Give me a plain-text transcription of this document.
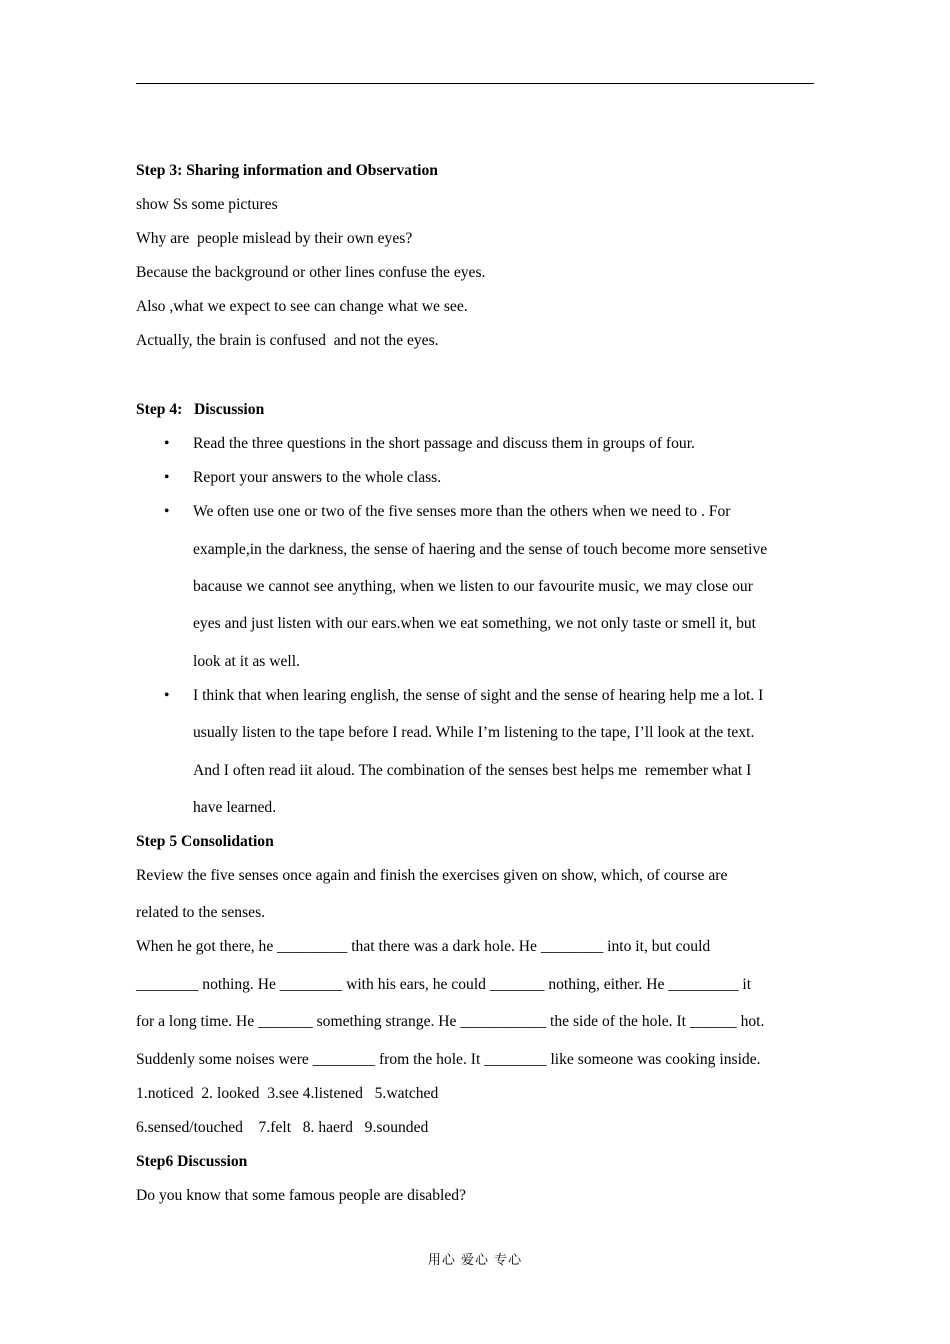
Step 3: Sharing information and Observation
show Ss some pictures
Why are  people mislead by their own eyes?
Because the background or other lines confuse the eyes.
Also ,what we expect to see can change what we see.
Actually, the brain is confused  and not the eyes.
Step 4:   Discussion
• Read the three questions in the short passage and discuss them in groups of four.
• Report your answers to the whole class.
• We often use one or two of the five senses more than the others when we need to . For
example,in the darkness, the sense of haering and the sense of touch become more sensetive
bacause we cannot see anything, when we listen to our favourite music, we may close our
eyes and just listen with our ears.when we eat something, we not only taste or smell it, but
look at it as well.
• I think that when learing english, the sense of sight and the sense of hearing help me a lot. I
usually listen to the tape before I read. While I’m listening to the tape, I’ll look at the text.
And I often read iit aloud. The combination of the senses best helps me  remember what I
have learned.
Step 5 Consolidation
Review the five senses once again and finish the exercises given on show, which, of course are
related to the senses.
When he got there, he _________ that there was a dark hole. He ________ into it, but could
________ nothing. He ________ with his ears, he could _______ nothing, either. He _________ it
for a long time. He _______ something strange. He ___________ the side of the hole. It ______ hot.
Suddenly some noises were ________ from the hole. It ________ like someone was cooking inside.
1.noticed  2. looked  3.see 4.listened   5.watched
6.sensed/touched    7.felt   8. haerd   9.sounded
Step6 Discussion
Do you know that some famous people are disabled?
用心 爱心 专心
